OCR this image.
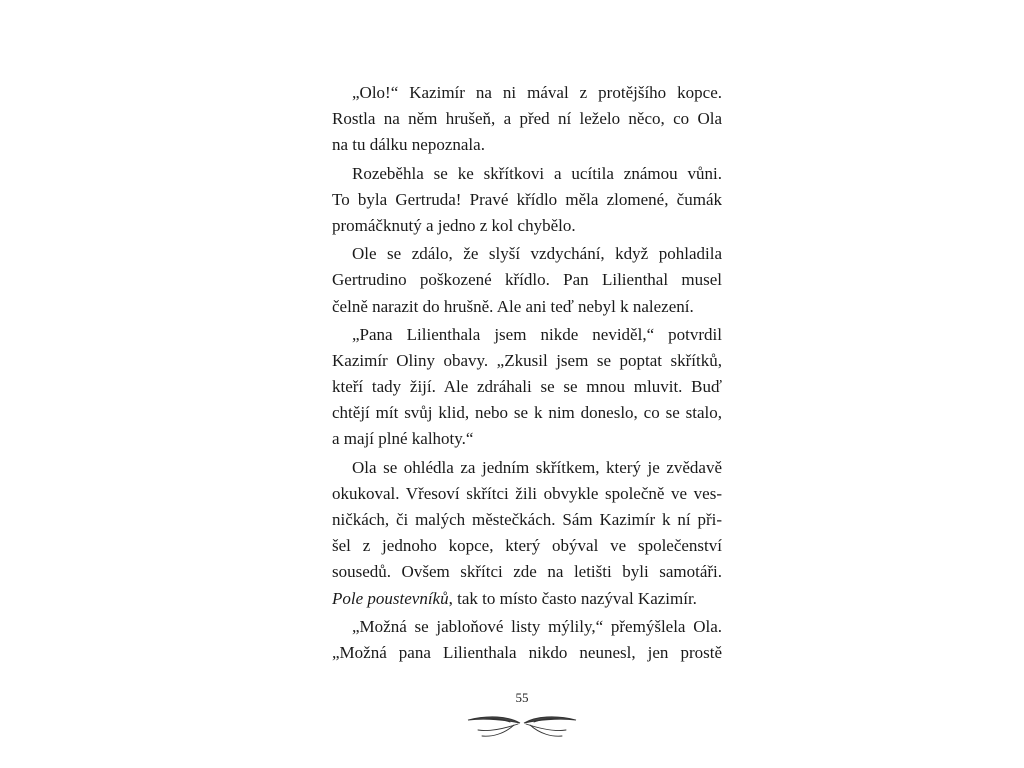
„Olo!“ Kazimír na ni mával z protějšího kopce.
Rostla na něm hrušeň, a před ní leželo něco, co Ola
na tu dálku nepoznala.
Rozeběhla se ke skřítkovi a ucítila známou vůni.
To byla Gertruda! Pravé křídlo měla zlomené, čumák
promáčknutý a jedno z kol chybělo.
Ole se zdálo, že slyší vzdychání, když pohladila
Gertrudino poškozené křídlo. Pan Lilienthal musel
čelně narazit do hrušně. Ale ani teď nebyl k nalezení.
„Pana Lilienthala jsem nikde neviděl,“ potvrdil
Kazimír Oliny obavy. „Zkusil jsem se poptat skřítků,
kteří tady žijí. Ale zdráhali se se mnou mluvit. Buď
chtějí mít svůj klid, nebo se k nim doneslo, co se stalo,
a mají plné kalhoty.“
Ola se ohlédla za jedním skřítkem, který je zvědavě
okukoval. Vřesoví skřítci žili obvykle společně ve ves-
ničkách, či malých městečkách. Sám Kazimír k ní při-
šel z jednoho kopce, který obýval ve společenství
sousedů. Ovšem skřítci zde na letišti byli samotáři.
Pole poustevníků, tak to místo často nazýval Kazimír.
„Možná se jabloňové listy mýlily,“ přemýšlela Ola.
„Možná pana Lilienthala nikdo neunesl, jen prostě
55
